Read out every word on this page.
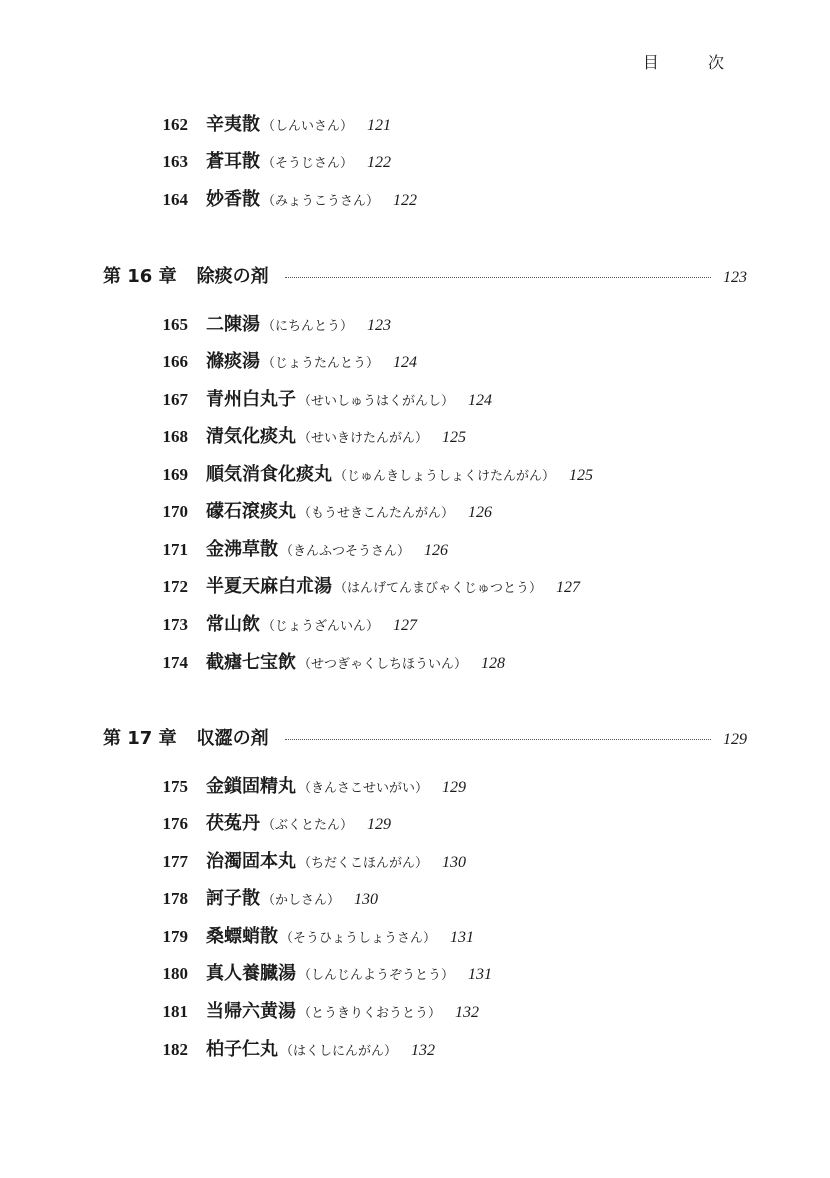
目 次
162 辛夷散 （しんいさん） 121
163 蒼耳散 （そうじさん） 122
164 妙香散 （みょうこうさん） 122
第 16 章 除痰の剤	123
165 二陳湯 （にちんとう） 123
166 滌痰湯 （じょうたんとう） 124
167 青州白丸子 （せいしゅうはくがんし） 124
168 清気化痰丸 （せいきけたんがん） 125
169 順気消食化痰丸 （じゅんきしょうしょくけたんがん） 125
170 礞石滾痰丸 （もうせきこんたんがん） 126
171 金沸草散 （きんふつそうさん） 126
172 半夏天麻白朮湯 （はんげてんまびゃくじゅつとう） 127
173 常山飲 （じょうざんいん） 127
174 截瘧七宝飲 （せつぎゃくしちほういん） 128
第 17 章 収澀の剤	129
175 金鎖固精丸 （きんさこせいがい） 129
176 茯菟丹 （ぶくとたん） 129
177 治濁固本丸 （ちだくこほんがん） 130
178 訶子散 （かしさん） 130
179 桑螵蛸散 （そうひょうしょうさん） 131
180 真人養臓湯 （しんじんようぞうとう） 131
181 当帰六黄湯 （とうきりくおうとう） 132
182 柏子仁丸 （はくしにんがん） 132
